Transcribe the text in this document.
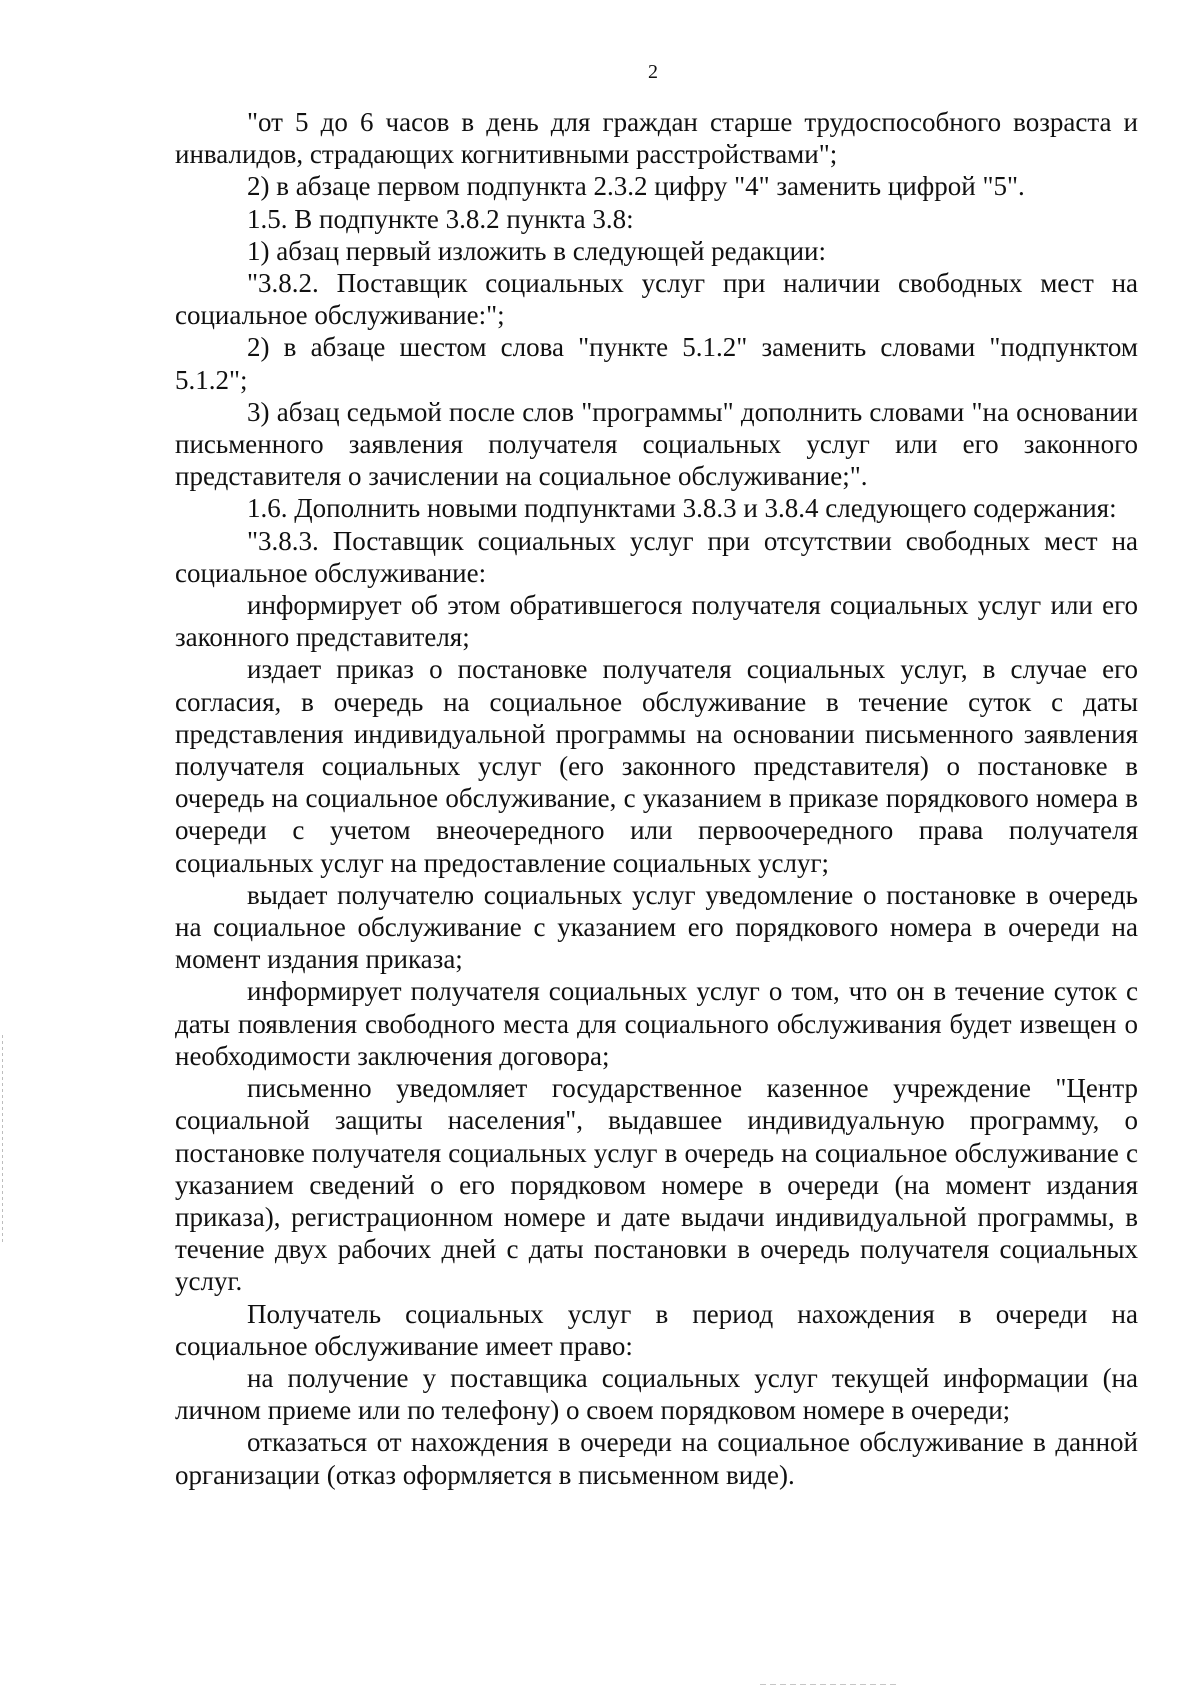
2

"от 5 до 6 часов в день для граждан старше трудоспособного возраста и инвалидов, страдающих когнитивными расстройствами";

2) в абзаце первом подпункта 2.3.2 цифру "4" заменить цифрой "5".

1.5. В подпункте 3.8.2 пункта 3.8:

1) абзац первый изложить в следующей редакции:

"3.8.2. Поставщик социальных услуг при наличии свободных мест на социальное обслуживание:";

2) в абзаце шестом слова "пункте 5.1.2" заменить словами "подпунктом 5.1.2";

3) абзац седьмой после слов "программы" дополнить словами "на основании письменного заявления получателя социальных услуг или его законного представителя о зачислении на социальное обслуживание;".

1.6. Дополнить новыми подпунктами 3.8.3 и 3.8.4 следующего содержания:

"3.8.3. Поставщик социальных услуг при отсутствии свободных мест на социальное обслуживание:

информирует об этом обратившегося получателя социальных услуг или его законного представителя;

издает приказ о постановке получателя социальных услуг, в случае его согласия, в очередь на социальное обслуживание в течение суток с даты представления индивидуальной программы на основании письменного заявления получателя социальных услуг (его законного представителя) о постановке в очередь на социальное обслуживание, с указанием в приказе порядкового номера в очереди с учетом внеочередного или первоочередного права получателя социальных услуг на предоставление социальных услуг;

выдает получателю социальных услуг уведомление о постановке в очередь на социальное обслуживание с указанием его порядкового номера в очереди на момент издания приказа;

информирует получателя социальных услуг о том, что он в течение суток с даты появления свободного места для социального обслуживания будет извещен о необходимости заключения договора;

письменно уведомляет государственное казенное учреждение "Центр социальной защиты населения", выдавшее индивидуальную программу, о постановке получателя социальных услуг в очередь на социальное обслуживание с указанием сведений о его порядковом номере в очереди (на момент издания приказа), регистрационном номере и дате выдачи индивидуальной программы, в течение двух рабочих дней с даты постановки в очередь получателя социальных услуг.

Получатель социальных услуг в период нахождения в очереди на социальное обслуживание имеет право:

на получение у поставщика социальных услуг текущей информации (на личном приеме или по телефону) о своем порядковом номере в очереди;

отказаться от нахождения в очереди на социальное обслуживание в данной организации (отказ оформляется в письменном виде).
